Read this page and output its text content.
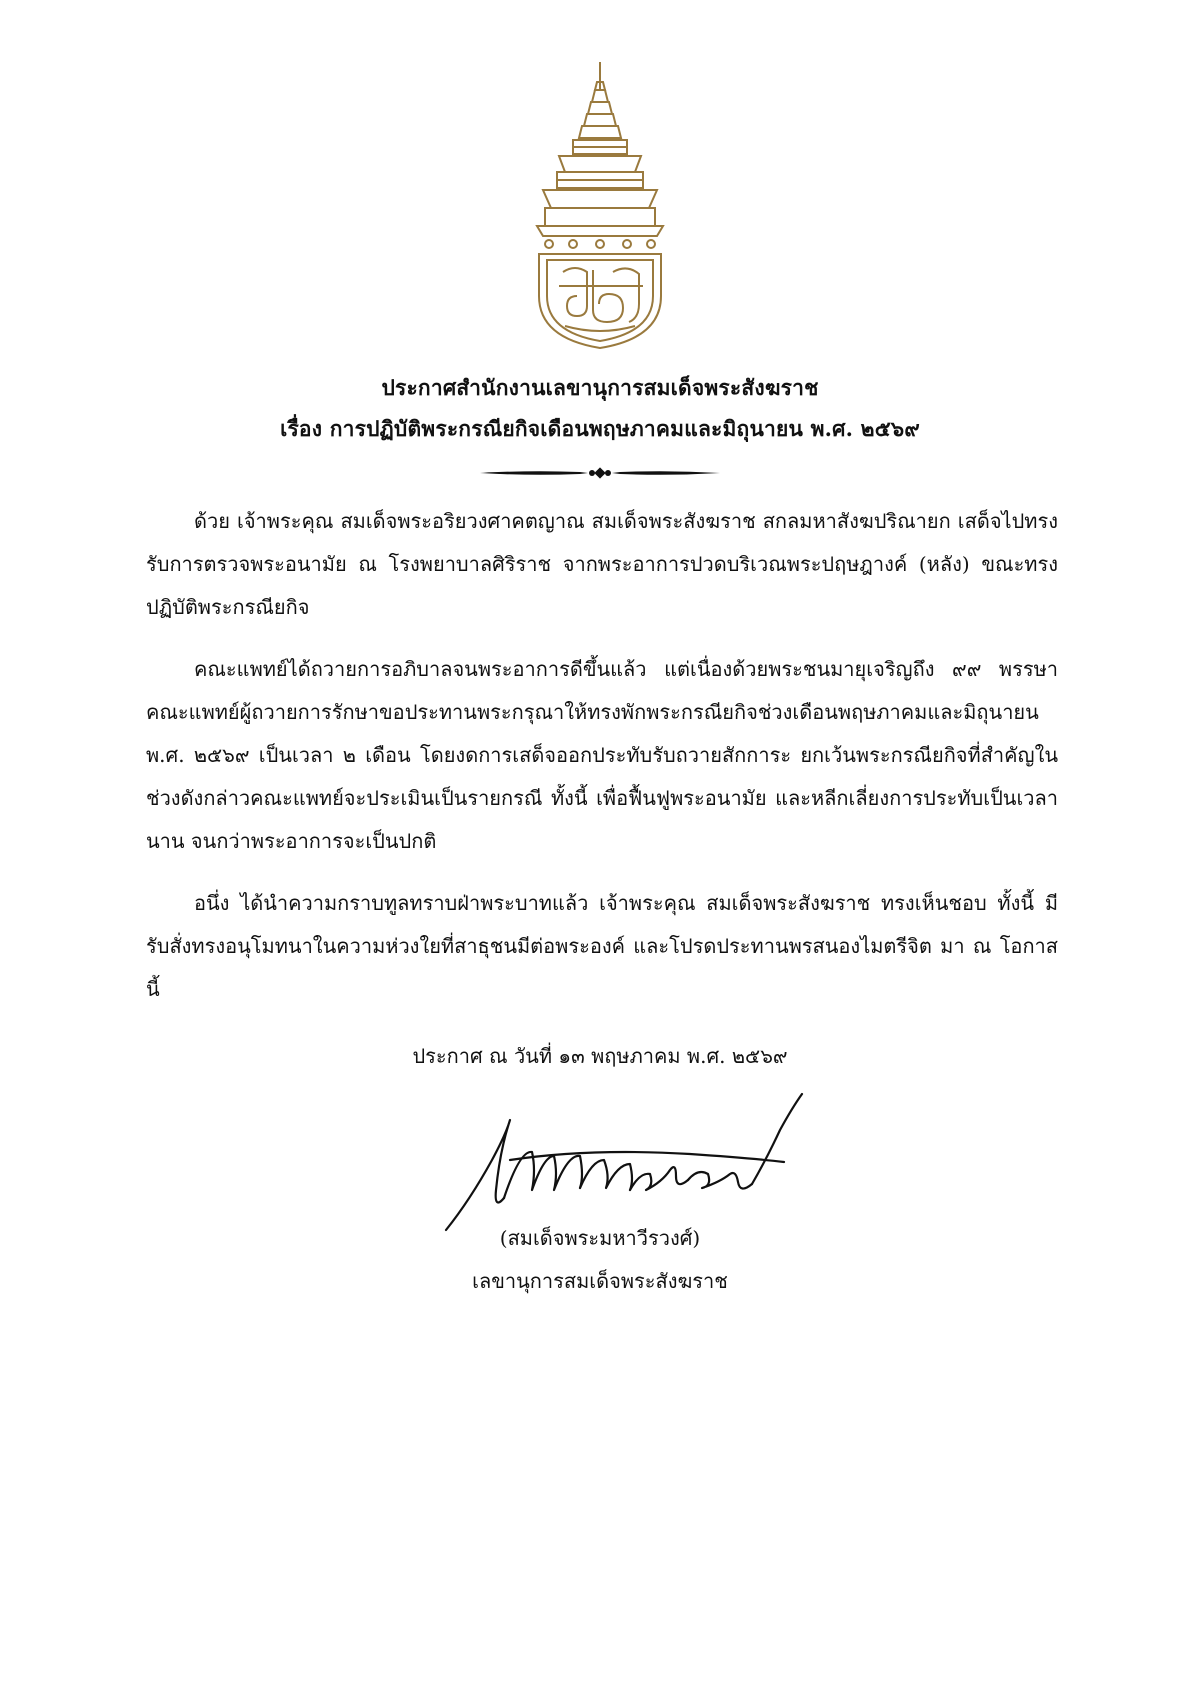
ประกาศสำนักงานเลขานุการสมเด็จพระสังฆราช
เรื่อง การปฏิบัติพระกรณียกิจเดือนพฤษภาคมและมิถุนายน พ.ศ. ๒๕๖๙

ด้วย เจ้าพระคุณ สมเด็จพระอริยวงศาคตญาณ สมเด็จพระสังฆราช สกลมหาสังฆปริณายก เสด็จไปทรงรับการตรวจพระอนามัย ณ โรงพยาบาลศิริราช จากพระอาการปวดบริเวณพระปฤษฎางค์ (หลัง) ขณะทรงปฏิบัติพระกรณียกิจ

คณะแพทย์ได้ถวายการอภิบาลจนพระอาการดีขึ้นแล้ว แต่เนื่องด้วยพระชนมายุเจริญถึง ๙๙ พรรษา คณะแพทย์ผู้ถวายการรักษาขอประทานพระกรุณาให้ทรงพักพระกรณียกิจช่วงเดือนพฤษภาคมและมิถุนายน พ.ศ. ๒๕๖๙ เป็นเวลา ๒ เดือน โดยงดการเสด็จออกประทับรับถวายสักการะ ยกเว้นพระกรณียกิจที่สำคัญในช่วงดังกล่าวคณะแพทย์จะประเมินเป็นรายกรณี ทั้งนี้ เพื่อฟื้นฟูพระอนามัย และหลีกเลี่ยงการประทับเป็นเวลานาน จนกว่าพระอาการจะเป็นปกติ

อนึ่ง ได้นำความกราบทูลทราบฝ่าพระบาทแล้ว เจ้าพระคุณ สมเด็จพระสังฆราช ทรงเห็นชอบ ทั้งนี้ มีรับสั่งทรงอนุโมทนาในความห่วงใยที่สาธุชนมีต่อพระองค์ และโปรดประทานพรสนองไมตรีจิต มา ณ โอกาสนี้

ประกาศ ณ วันที่ ๑๓ พฤษภาคม พ.ศ. ๒๕๖๙
(สมเด็จพระมหาวีรวงศ์)
เลขานุการสมเด็จพระสังฆราช
